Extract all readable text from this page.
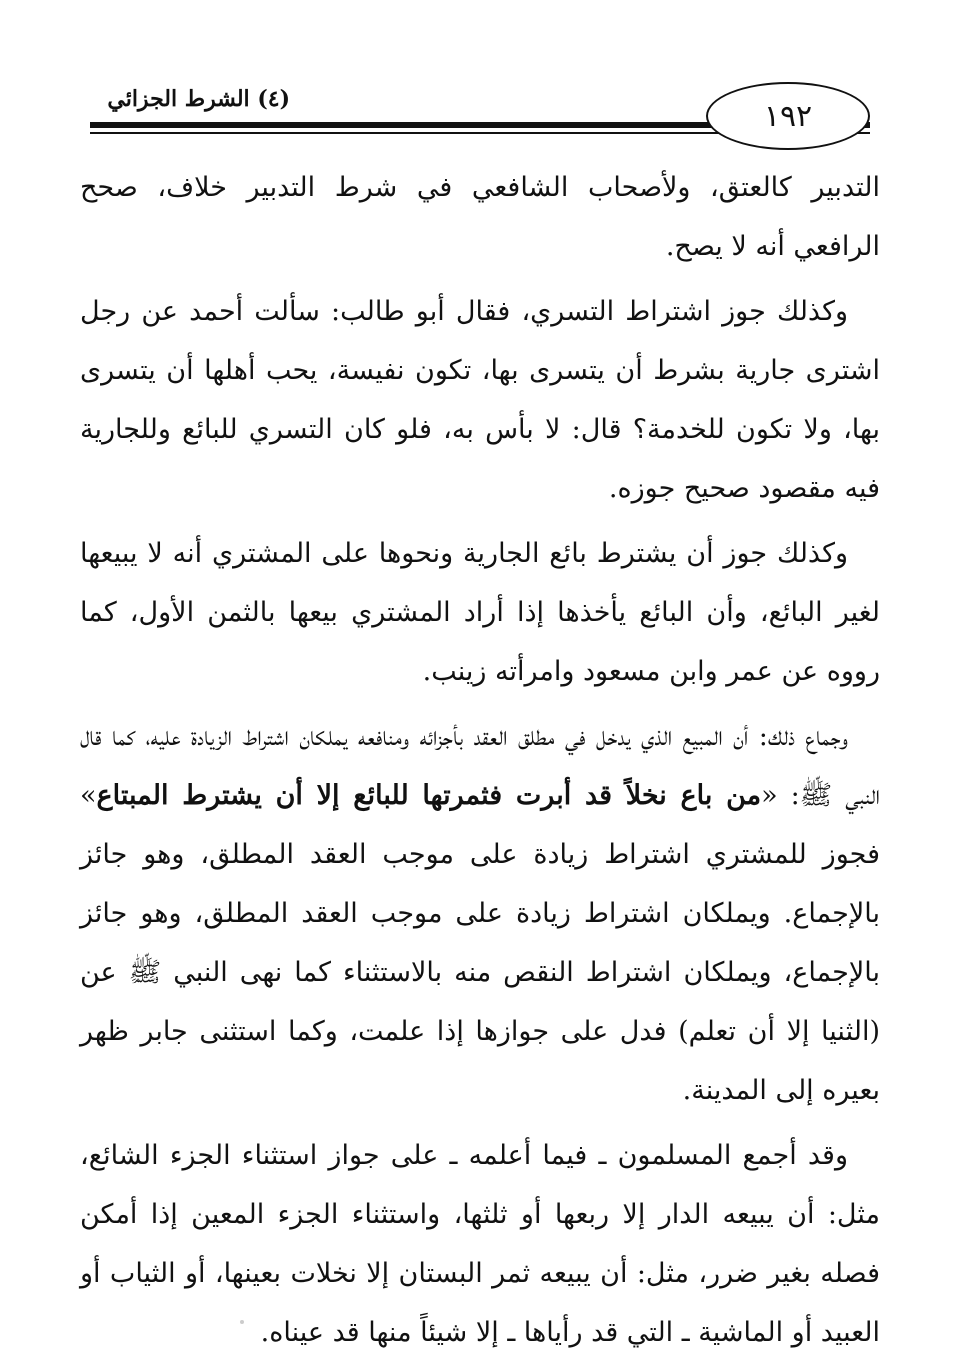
(٤) الشرط الجزائي	١٩٢

التدبير كالعتق، ولأصحاب الشافعي في شرط التدبير خلاف، صحح الرافعي أنه لا يصح.

وكذلك جوز اشتراط التسري، فقال أبو طالب: سألت أحمد عن رجل اشترى جارية بشرط أن يتسرى بها، تكون نفيسة، يحب أهلها أن يتسرى بها، ولا تكون للخدمة؟ قال: لا بأس به، فلو كان التسري للبائع وللجارية فيه مقصود صحيح جوزه.

وكذلك جوز أن يشترط بائع الجارية ونحوها على المشتري أنه لا يبيعها لغير البائع، وأن البائع يأخذها إذا أراد المشتري بيعها بالثمن الأول، كما رووه عن عمر وابن مسعود وامرأته زينب.

وجماع ذلك: أن المبيع الذي يدخل في مطلق العقد بأجزائه ومنافعه يملكان اشتراط الزيادة عليه، كما قال النبي ﷺ: «من باع نخلاً قد أبرت فثمرتها للبائع إلا أن يشترط المبتاع» فجوز للمشتري اشتراط زيادة على موجب العقد المطلق، وهو جائز بالإجماع. ويملكان اشتراط زيادة على موجب العقد المطلق، وهو جائز بالإجماع، ويملكان اشتراط النقص منه بالاستثناء كما نهى النبي ﷺ عن (الثنيا إلا أن تعلم) فدل على جوازها إذا علمت، وكما استثنى جابر ظهر بعيره إلى المدينة.

وقد أجمع المسلمون ـ فيما أعلمه ـ على جواز استثناء الجزء الشائع، مثل: أن يبيعه الدار إلا ربعها أو ثلثها، واستثناء الجزء المعين إذا أمكن فصله بغير ضرر، مثل: أن يبيعه ثمر البستان إلا نخلات بعينها، أو الثياب أو العبيد أو الماشية ـ التي قد رأياها ـ إلا شيئاً منها قد عيناه.
